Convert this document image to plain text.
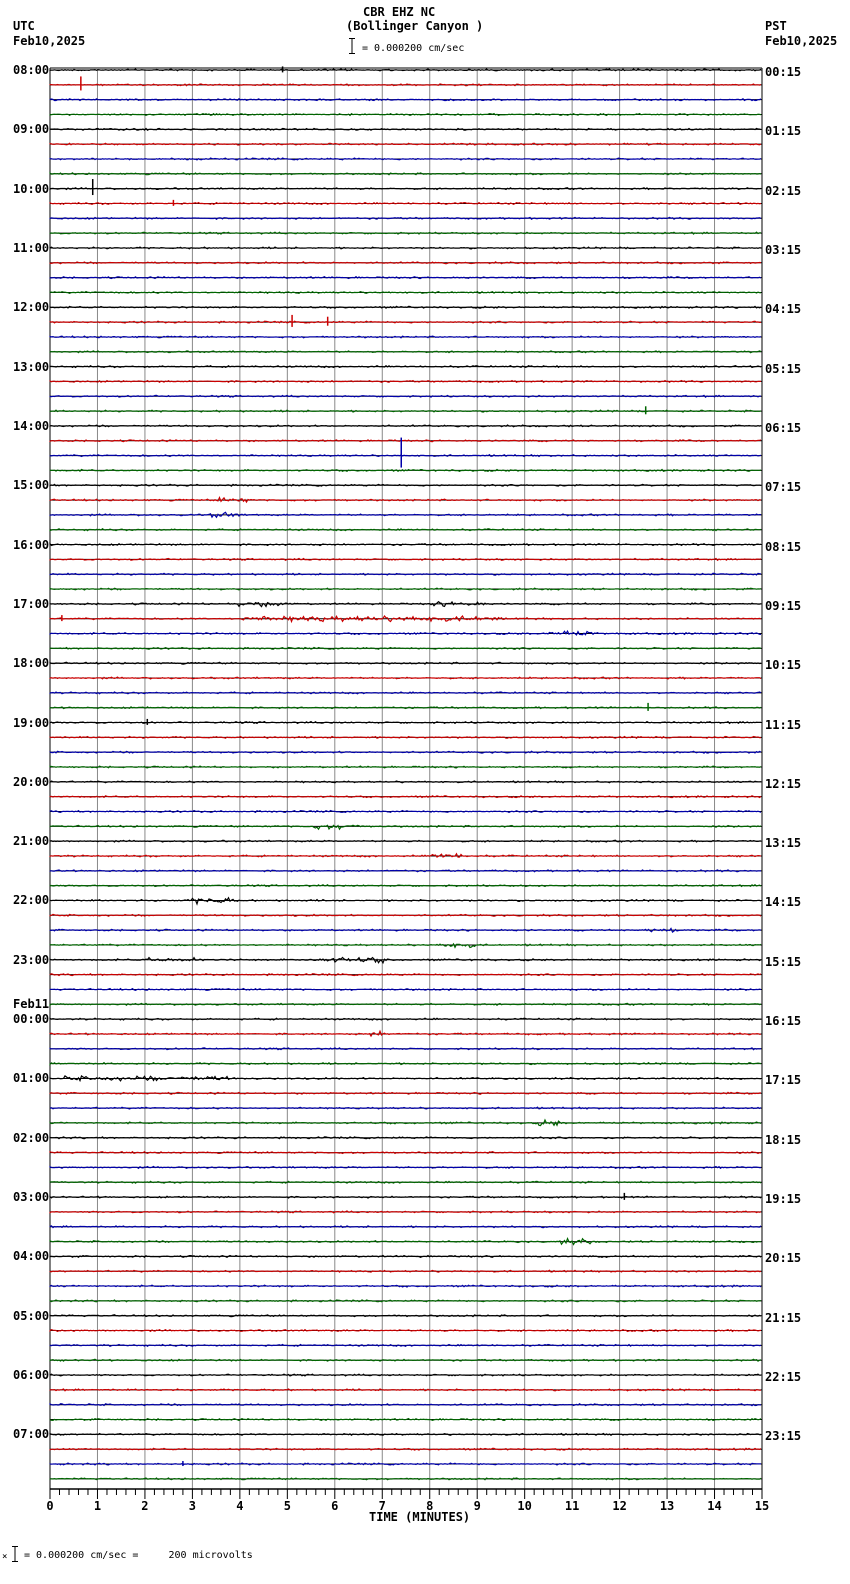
CBR EHZ NC
(Bollinger Canyon )
UTC
Feb10,2025
PST
Feb10,2025
= 0.000200 cm/sec
08:00
09:00
10:00
11:00
12:00
13:00
14:00
15:00
16:00
17:00
18:00
19:00
20:00
21:00
22:00
23:00
Feb11
00:00
01:00
02:00
03:00
04:00
05:00
06:00
07:00
00:15
01:15
02:15
03:15
04:15
05:15
06:15
07:15
08:15
09:15
10:15
11:15
12:15
13:15
14:15
15:15
16:15
17:15
18:15
19:15
20:15
21:15
22:15
23:15
0	1	2	3	4	5	6	7	8	9	10	11	12	13	14	15
TIME (MINUTES)
⨯ = 0.000200 cm/sec =     200 microvolts
